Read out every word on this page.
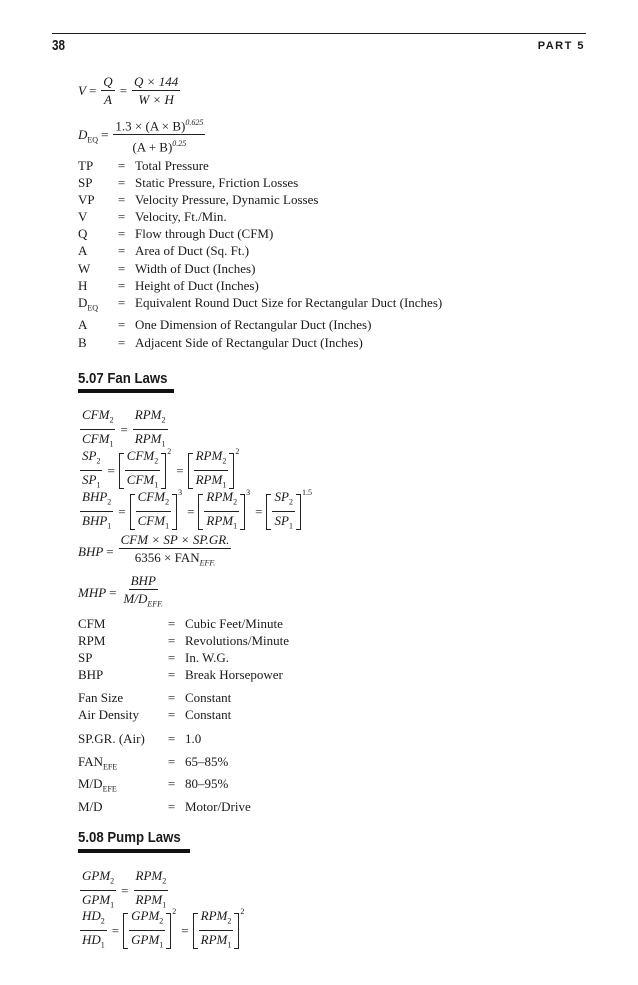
38	PART 5
$V = \frac{Q}{A} = \frac{Q \times 144}{W \times H}$
$D_{EQ} = \frac{1.3 \times (A \times B)^{0.625}}{(A + B)^{0.25}}$
TP	= Total Pressure
SP	= Static Pressure, Friction Losses
VP	= Velocity Pressure, Dynamic Losses
V	= Velocity, Ft./Min.
Q	= Flow through Duct (CFM)
A	= Area of Duct (Sq. Ft.)
W	= Width of Duct (Inches)
H	= Height of Duct (Inches)
$D_{EQ}$	= Equivalent Round Duct Size for Rectangular Duct (Inches)
A	= One Dimension of Rectangular Duct (Inches)
B	= Adjacent Side of Rectangular Duct (Inches)
5.07 Fan Laws
$\frac{CFM_2}{CFM_1} = \frac{RPM_2}{RPM_1}$
$\frac{SP_2}{SP_1} = \frac{CFM_2}{CFM_1} 2$
= $\frac{RPM_2}{RPM_1} 2$
$\frac{BHP_2}{BHP_1} = \frac{CFM_2}{CFM_1} 3$
= $\frac{RPM_2}{RPM_1} 3$
= $\frac{SP_2}{SP_1} 1.5$
BHP = $\frac{\text{CFM × SP × SP.GR.}}{6356 \times FAN_{EFF.}}$
MHP = $\frac{\text{BHP}}{M/D_{EFF.}}$
CFM	= Cubic Feet/Minute
RPM	= Revolutions/Minute
SP	= In. W.G.
BHP	= Break Horsepower
Fan Size	= Constant
Air Density	= Constant
SP.GR. (Air)	= 1.0
$FAN_{EFE}$	= 65–85%
$M/D_{EFE}$	= 80–95%
M/D	= Motor/Drive
5.08 Pump Laws
$\frac{GPM_2}{GPM_1} = \frac{RPM_2}{RPM_1}$
$\frac{HD_2}{HD_1} = \frac{GPM_2}{GPM_1} 2$
= $\frac{RPM_2}{RPM_1} 2$
